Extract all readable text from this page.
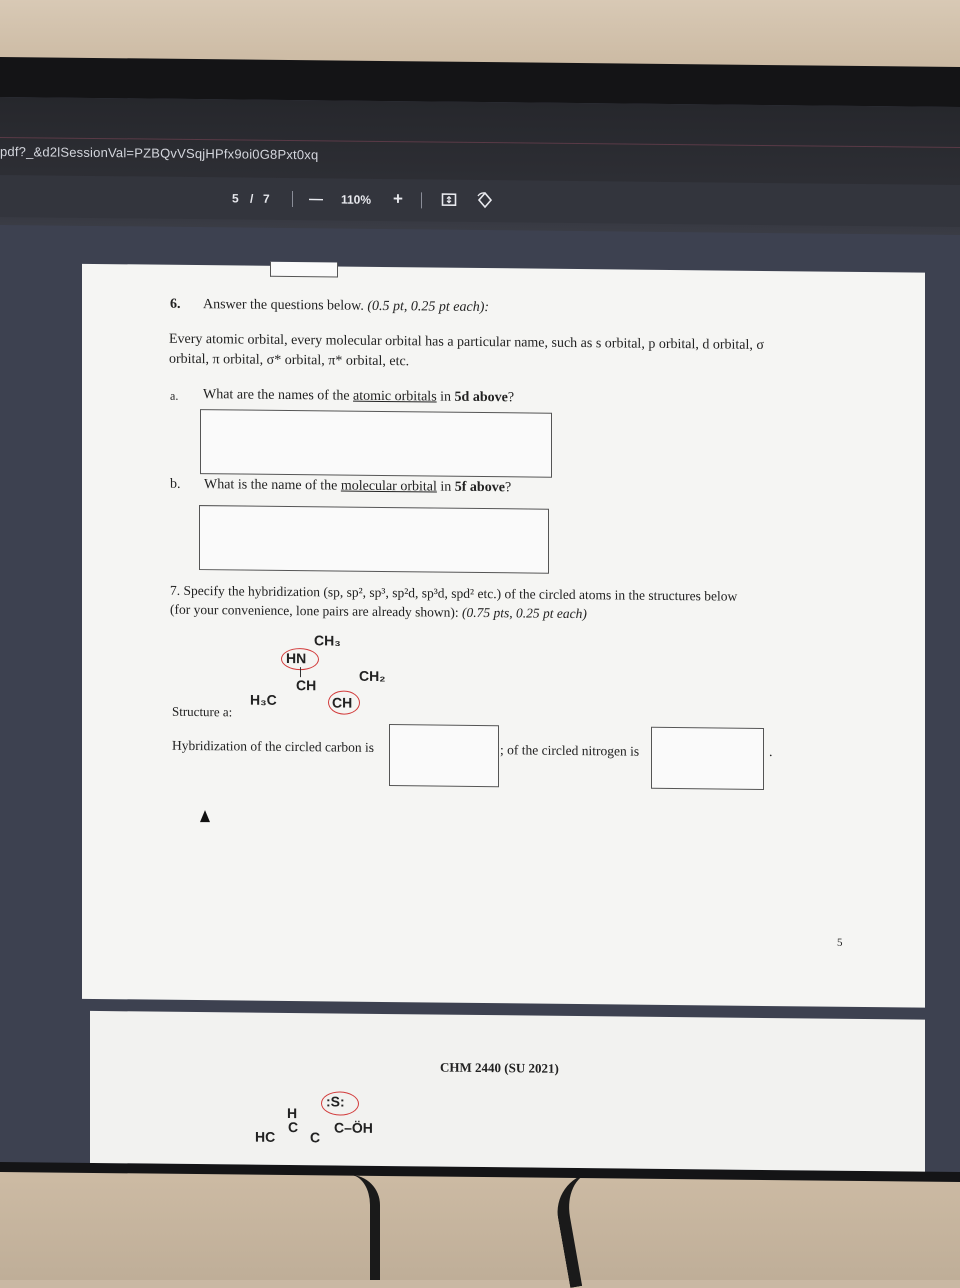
pdf?_&d2lSessionVal=PZBQvVSqjHPfx9oi0G8Pxt0xq
5 / 7	— 110% +
6. Answer the questions below. (0.5 pt, 0.25 pt each):
Every atomic orbital, every molecular orbital has a particular name, such as s orbital, p orbital, d orbital, σ
orbital, π orbital, σ* orbital, π* orbital, etc.
a. What are the names of the atomic orbitals in 5d above?
b. What is the name of the molecular orbital in 5f above?
7. Specify the hybridization (sp, sp², sp³, sp²d, sp³d, spd² etc.) of the circled atoms in the structures below
(for your convenience, lone pairs are already shown): (0.75 pts, 0.25 pt each)
CH₃
HN
CH
CH₂
H₃C	CH
Structure a:
Hybridization of the circled carbon is	; of the circled nitrogen is	.
5
CHM 2440 (SU 2021)
H
:S:
HC
C
C
C–ÖH
